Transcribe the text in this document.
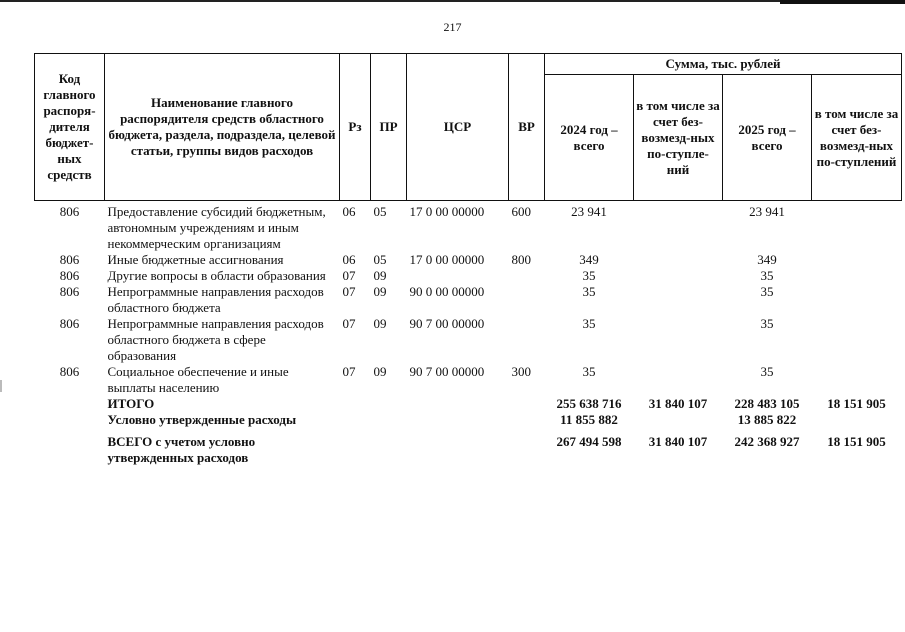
217
Код главного распоря-дителя бюджет-ных средств	Наименование главного распорядителя средств областного бюджета, раздела, подраздела, целевой статьи, группы видов расходов	Рз	ПР	ЦСР	ВР	Сумма, тыс. рублей			
						2024 год – всего	в том числе за счет без-возмезд-ных по-ступле-ний	2025 год – всего	в том числе за счет без-возмезд-ных по-ступлений
806	Предоставление субсидий бюджетным, автономным учреждениям и иным некоммерческим организациям	06	05	17 0 00 00000	600	23 941		23 941	
806	Иные бюджетные ассигнования	06	05	17 0 00 00000	800	349		349	
806	Другие вопросы в области образования	07	09			35		35	
806	Непрограммные направления расходов областного бюджета	07	09	90 0 00 00000		35		35	
806	Непрограммные направления расходов областного бюджета в сфере образования	07	09	90 7 00 00000		35		35	
806	Социальное обеспечение и иные выплаты населению	07	09	90 7 00 00000	300	35		35	
	ИТОГО					255 638 716	31 840 107	228 483 105	18 151 905
	Условно утвержденные расходы					11 855 882		13 885 822	
	ВСЕГО с учетом условно утвержденных расходов					267 494 598	31 840 107	242 368 927	18 151 905
